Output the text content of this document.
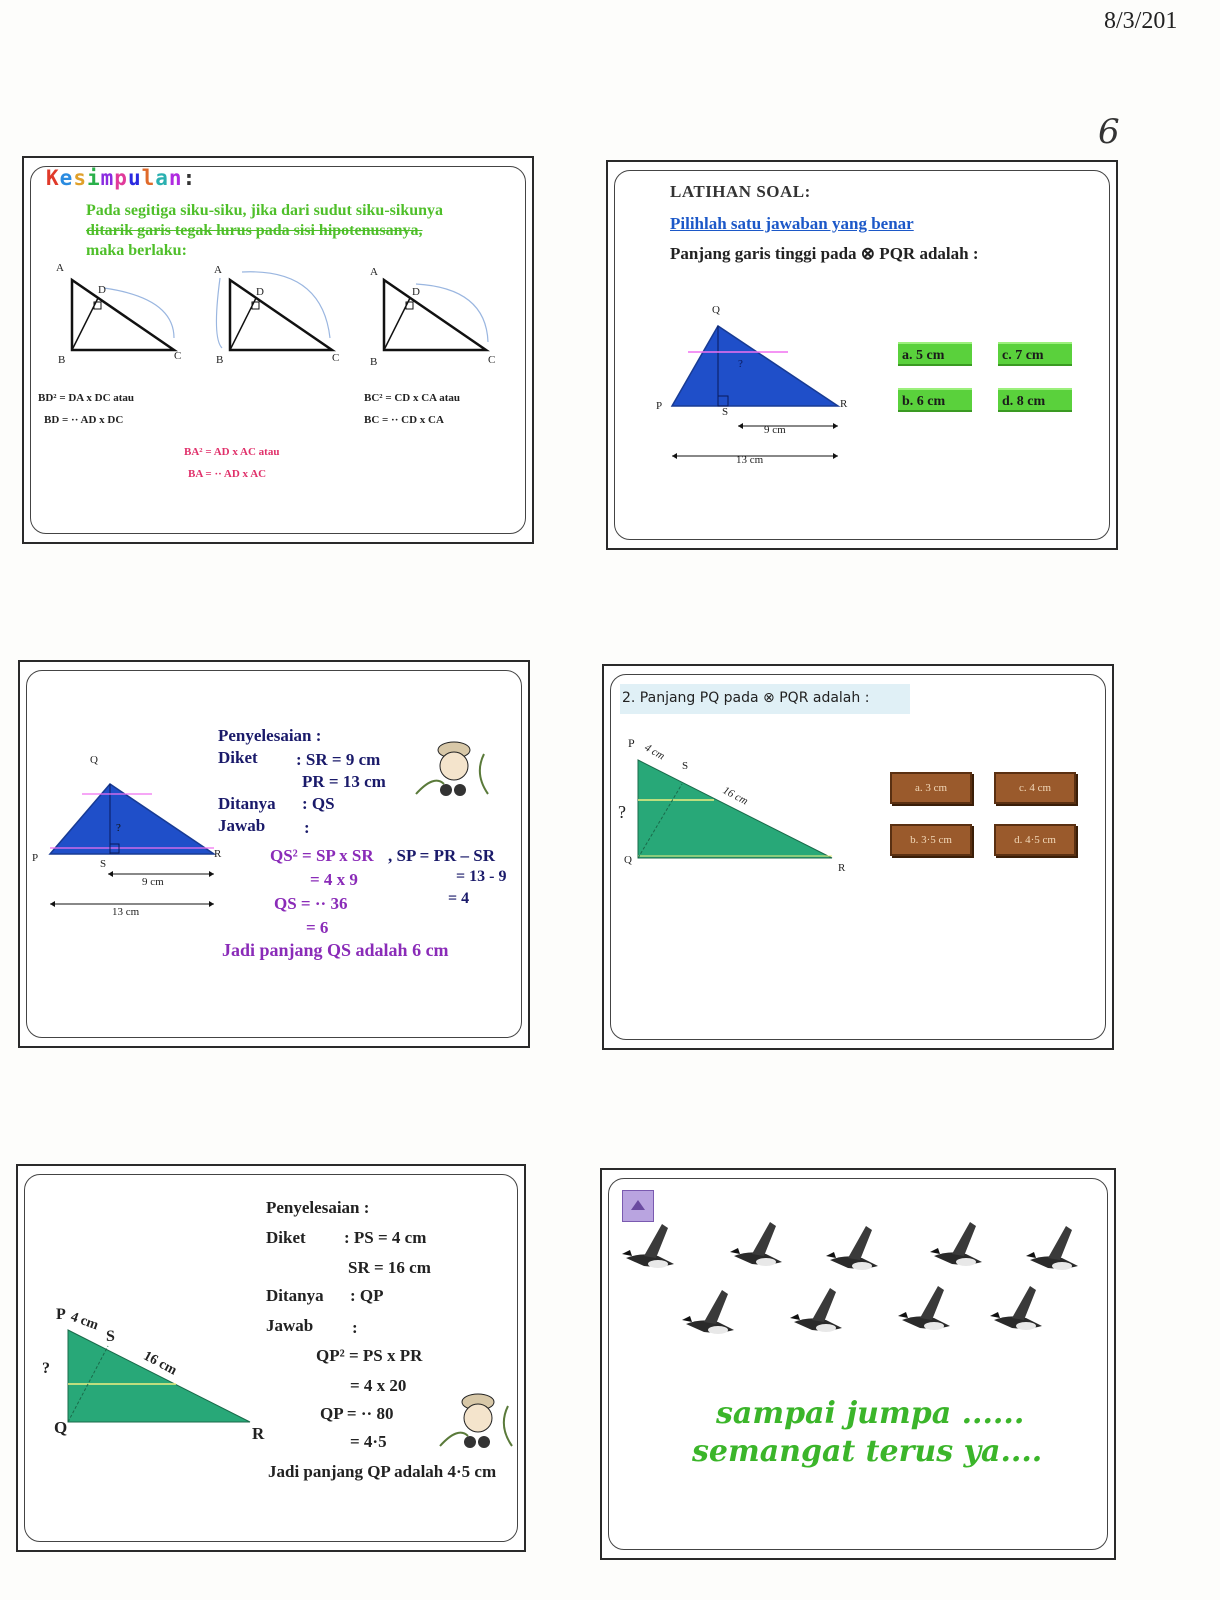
8/3/201
6
Kesimpulan:
Pada segitiga siku-siku, jika dari sudut siku-sikunya
ditarik garis tegak lurus pada sisi hipotenusanya,
maka berlaku:
A
D
B	C
A
D
B	C
A
D
B	C
BD² = DA x DC atau
BD = ·· AD x DC
BC² = CD x CA atau
BC = ·· CD x CA
BA² = AD x AC atau
BA = ·· AD x AC
LATIHAN SOAL:
Pilihlah satu jawaban yang benar
Panjang garis tinggi pada ⊗ PQR adalah :
Q
P	R
S
?
9 cm
13 cm
a. 5 cm	c. 7 cm
b. 6 cm	d. 8 cm
Q
P	R
S
?
9 cm
13 cm
Penyelesaian :
Diket : SR = 9 cm
PR = 13 cm
Ditanya : QS
Jawab :
QS² = SP x SR , SP = PR – SR
= 4 x 9	= 13 - 9
QS = ·· 36	= 4
= 6
Jadi panjang QS adalah 6 cm
2. Panjang PQ pada ⊗ PQR adalah :
P 4 cm
S
16 cm
?
Q
R
a. 3 cm	c. 4 cm
b. 3·5 cm	d. 4·5 cm
Penyelesaian :
Diket : PS = 4 cm
SR = 16 cm
Ditanya : QP
Jawab :
QP² = PS x PR
= 4 x 20
QP = ·· 80
= 4·5
Jadi panjang QP adalah 4·5 cm
P 4 cm
S
16 cm
?
Q	R
sampai jumpa ......
semangat terus ya....
